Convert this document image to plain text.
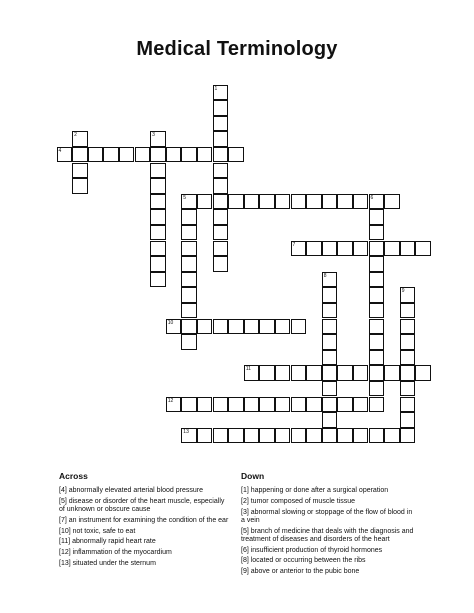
Medical Terminology
1
2	3
4
5	6
7
8
9
10
11
12
13
Across	Down
[4] abnormally elevated arterial blood pressure
[5] disease or disorder of the heart muscle, especially of unknown or obscure cause
[7] an instrument for examining the condition of the ear
[10] not toxic, safe to eat
[11] abnormally rapid heart rate
[12] inflammation of the myocardium
[13] situated under the sternum
[1] happening or done after a surgical operation
[2] tumor composed of muscle tissue
[3] abnormal slowing or stoppage of the flow of blood in a vein
[5] branch of medicine that deals with the diagnosis and treatment of diseases and disorders of the heart
[6] insufficient production of thyroid hormones
[8] located or occurring between the ribs
[9] above or anterior to the pubic bone
